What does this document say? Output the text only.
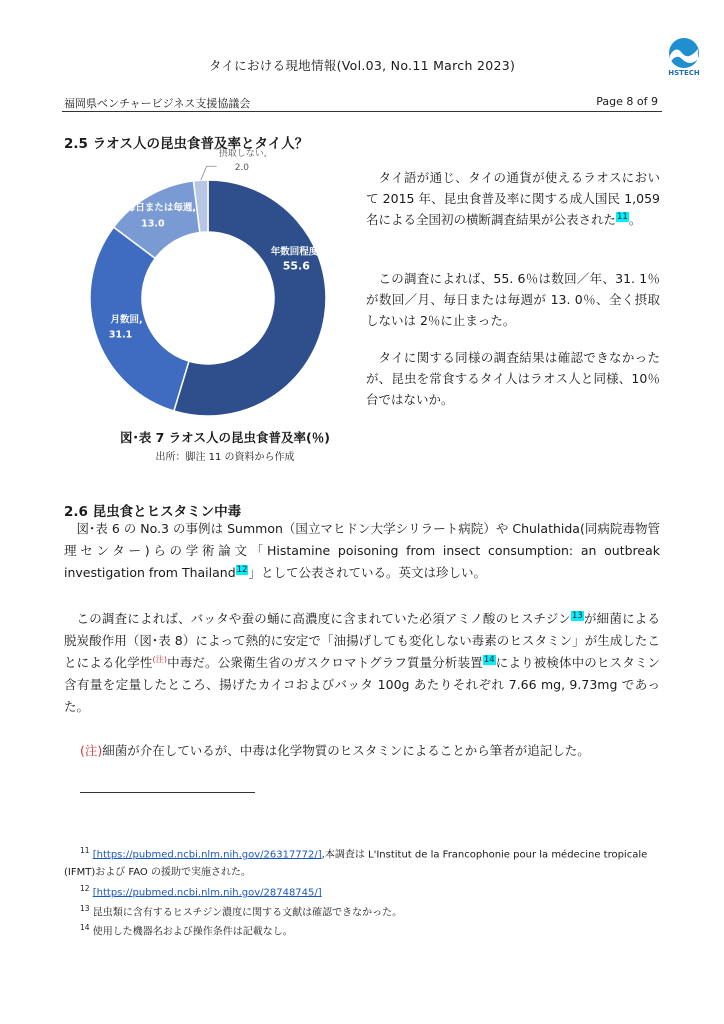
タイにおける現地情報(Vol.03, No.11 March 2023)	HSTECH
福岡県ベンチャービジネス支援協議会	Page 8 of 9
2.5 ラオス人の昆虫食普及率とタイ人？
年数回程度,
55.6
月数回,
31.1
毎日または毎週,
13.0
摂取しない,
2.0
図･表 7 ラオス人の昆虫食普及率(％)
出所：脚注 11 の資料から作成
タイ語が通じ、タイの通貨が使えるラオスにおいて 2015 年、昆虫食普及率に関する成人国民 1,059 名による全国初の横断調査結果が公表された$^{11}$。
この調査によれば、55. 6％は数回／年、31. 1％が数回／月、毎日または毎週が 13. 0％、全く摂取しないは 2％に止まった。
タイに関する同様の調査結果は確認できなかったが、昆虫を常食するタイ人はラオス人と同様、10％台ではないか。
2.6 昆虫食とヒスタミン中毒
図･表 6 の No.3 の事例は Summon（国立マヒドン大学シリラート病院）や Chulathida(同病院毒物管理センター)らの学術論文「Histamine poisoning from insect consumption: an outbreak investigation from Thailand$^{12}$」として公表されている。英文は珍しい。
この調査によれば、バッタや蚕の蛹に高濃度に含まれていた必須アミノ酸のヒスチジン$^{13}$が細菌による脱炭酸作用（図･表 8）によって熱的に安定で「油揚げしても変化しない毒素のヒスタミン」が生成したことによる化学性$^{(注)}$中毒だ。公衆衛生省のガスクロマトグラフ質量分析装置$^{14}$により被検体中のヒスタミン含有量を定量したところ、揚げたカイコおよびバッタ 100g あたりそれぞれ 7.66 mg, 9.73mg であった。
(注)細菌が介在しているが、中毒は化学物質のヒスタミンによることから筆者が追記した。
$^{11}$ [https://pubmed.ncbi.nlm.nih.gov/26317772/],本調査は L'Institut de la Francophonie pour la médecine tropicale (IFMT)および FAO の援助で実施された。
$^{12}$ [https://pubmed.ncbi.nlm.nih.gov/28748745/]
$^{13}$ 昆虫類に含有するヒスチジン濃度に関する文献は確認できなかった。
$^{14}$ 使用した機器名および操作条件は記載なし。
